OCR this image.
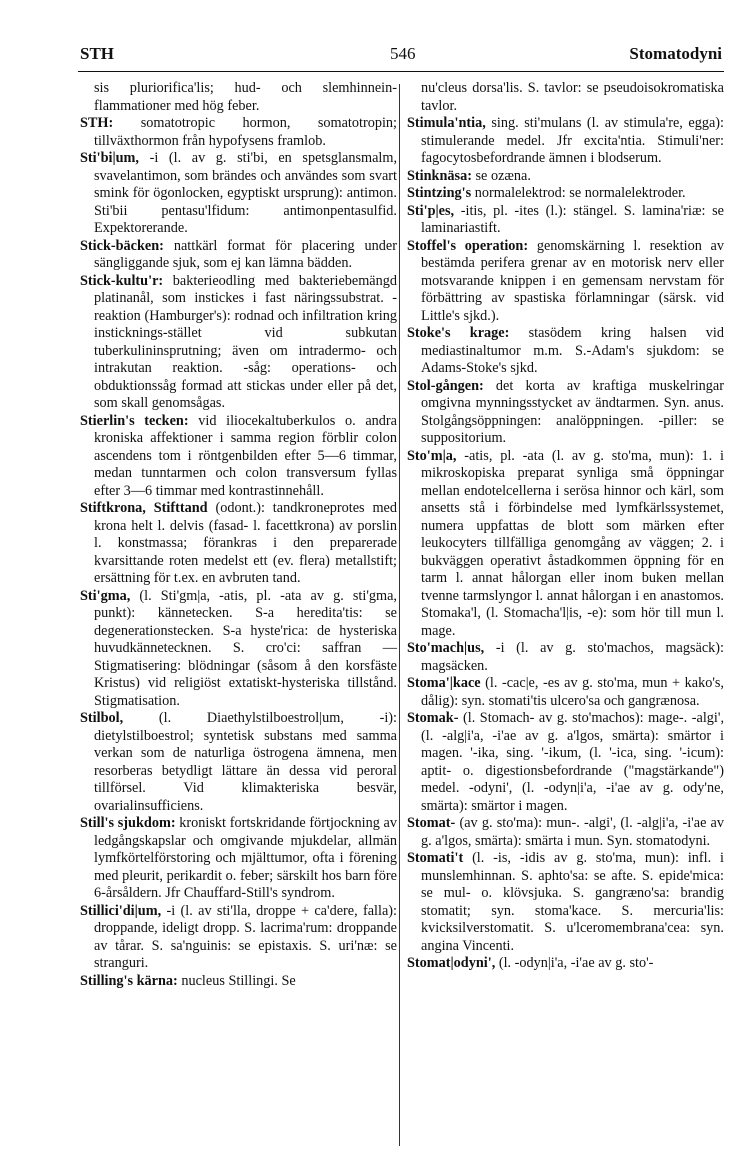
STH	546	Stomatodyni

sis pluriorifica'lis; hud- och slemhinnein-flammationer med hög feber.

STH: somatotropic hormon, somatotropin; tillväxthormon från hypofysens framlob.

Sti'bi|um, -i (l. av g. sti'bi, en spetsglansmalm, svavelantimon, som brändes och användes som svart smink för ögonlocken, egyptiskt ursprung): antimon. Sti'bii pentasu'lfidum: antimonpentasulfid. Expektorerande.

Stick-bäcken: nattkärl format för placering under sängliggande sjuk, som ej kan lämna bädden.

Stick-kultu'r: bakterieodling med bakteriebemängd platinanål, som instickes i fast näringssubstrat. -reaktion (Hamburger's): rodnad och infiltration kring insticknings-stället vid subkutan tuberkulininsprutning; även om intradermo- och intrakutan reaktion. -såg: operations- och obduktionssåg formad att stickas under eller på det, som skall genomsågas.

Stierlin's tecken: vid iliocekaltuberkulos o. andra kroniska affektioner i samma region förblir colon ascendens tom i röntgenbilden efter 5—6 timmar, medan tunntarmen och colon transversum fyllas efter 3—6 timmar med kontrastinnehåll.

Stiftkrona, Stifttand (odont.): tandkroneprotes med krona helt l. delvis (fasad- l. facettkrona) av porslin l. konstmassa; förankras i den preparerade kvarsittande roten medelst ett (ev. flera) metallstift; ersättning för t.ex. en avbruten tand.

Sti'gma, (l. Sti'gm|a, -atis, pl. -ata av g. sti'gma, punkt): kännetecken. S-a heredita'tis: se degenerationstecken. S-a hyste'rica: de hysteriska huvudkännetecknen. S. cro'ci: saffran — Stigmatisering: blödningar (såsom å den korsfäste Kristus) vid religiöst extatiskt-hysteriska tillstånd. Stigmatisation.

Stilbol,	(l. Diaethylstilboestrol|um, -i): dietylstilboestrol; syntetisk substans med samma verkan som de naturliga östrogena ämnena, men resorberas betydligt lättare än dessa vid peroral tillförsel. Vid klimakteriska besvär, ovarialinsufficiens.

Still's sjukdom: kroniskt fortskridande förtjockning av ledgångskapslar och omgivande mjukdelar, allmän lymfkörtelförstoring och mjälttumor, ofta i förening med pleurit, perikardit o. feber; särskilt hos barn före 6-årsåldern. Jfr Chauffard-Still's syndrom.

Stillici'di|um, -i (l. av sti'lla, droppe + ca'dere, falla): droppande, ideligt dropp. S. lacrima'rum: droppande av tårar. S. sa'nguinis: se epistaxis. S. uri'næ: se stranguri.

Stilling's kärna: nucleus Stillingi. Se

nu'cleus dorsa'lis. S. tavlor: se pseudoisokromatiska tavlor.

Stimula'ntia, sing. sti'mulans (l. av stimula're, egga): stimulerande medel. Jfr excita'ntia. Stimuli'ner: fagocytosbefordrande ämnen i blodserum.

Stinknäsa: se ozæna.

Stintzing's normalelektrod: se normalelektroder.

Sti'p|es, -itis, pl. -ites (l.): stängel. S. lamina'riæ: se laminariastift.

Stoffel's operation: genomskärning l. resektion av bestämda perifera grenar av en motorisk nerv eller motsvarande knippen i en gemensam nervstam för förbättring av spastiska förlamningar (särsk. vid Little's sjkd.).

Stoke's krage: stasödem kring halsen vid mediastinaltumor m.m. S.-Adam's sjukdom: se Adams-Stoke's sjkd.

Stol-gången: det korta av kraftiga muskelringar omgivna mynningsstycket av ändtarmen. Syn. anus. Stolgångsöppningen: analöppningen. -piller: se suppositorium.

Sto'm|a, -atis, pl. -ata (l. av g. sto'ma, mun): 1. i mikroskopiska preparat synliga små öppningar mellan endotelcellerna i serösa hinnor och kärl, som ansetts stå i förbindelse med lymfkärlssystemet, numera uppfattas de blott som märken efter leukocyters tillfälliga genomgång av väggen; 2. i bukväggen operativt åstadkommen öppning för en tarm l. annat hålorgan eller inom buken mellan tvenne tarmslyngor l. annat hålorgan i en anastomos. Stomaka'l, (l. Stomacha'l|is, -e): som hör till mun l. mage.

Sto'mach|us, -i (l. av g. sto'machos, magsäck): magsäcken.

Stoma'|kace (l. -cac|e, -es av g. sto'ma, mun + kako's, dålig): syn. stomati'tis ulcero'sa och gangrænosa.

Stomak- (l. Stomach- av g. sto'machos): mage-. -algi', (l. -alg|i'a, -i'ae av g. a'lgos, smärta): smärtor i magen. '-ika, sing. '-ikum, (l. '-ica, sing. '-icum): aptit- o. digestionsbefordrande ("magstärkande") medel. -odyni', (l. -odyn|i'a, -i'ae av g. ody'ne, smärta): smärtor i magen.

Stomat- (av g. sto'ma): mun-. -algi', (l. -alg|i'a, -i'ae av g. a'lgos, smärta): smärta i mun. Syn. stomatodyni.

Stomati't (l. -is, -idis av g. sto'ma, mun): infl. i munslemhinnan. S. aphto'sa: se afte. S. epide'mica: se mul- o. klövsjuka. S. gangræno'sa: brandig stomatit; syn. stoma'kace. S. mercuria'lis: kvicksilverstomatit. S. u'lceromembrana'cea: syn. angina Vincenti.

Stomat|odyni', (l. -odyn|i'a, -i'ae av g. sto'-
